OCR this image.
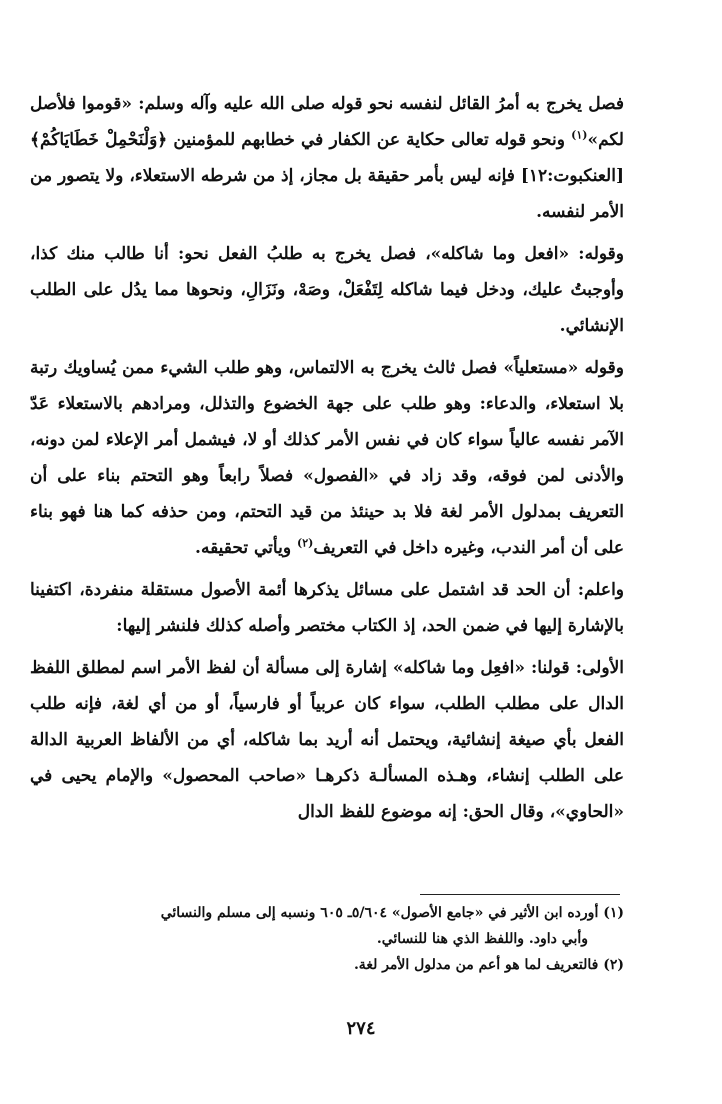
فصل يخرج به أمرُ القائل لنفسه نحو قوله صلى الله عليه وآله وسلم: «قوموا فلأصل لكم»$^{(١)}$ ونحو قوله تعالى حكاية عن الكفار في خطابهم للمؤمنين ﴿وَلْنَحْمِلْ خَطَايَاكُمْ﴾ [العنكبوت:١٢] فإنه ليس بأمر حقيقة بل مجاز، إذ من شرطه الاستعلاء، ولا يتصور من الأمر لنفسه.

وقوله: «افعل وما شاكله»، فصل يخرج به طلبُ الفعل نحو: أنا طالب منك كذا، وأوجبتُ عليك، ودخل فيما شاكله لِتَفْعَلْ، وصَهْ، ونَزَالِ، ونحوها مما يدُل على الطلب الإنشائي.

وقوله «مستعلياً» فصل ثالث يخرج به الالتماس، وهو طلب الشيء ممن يُساويك رتبة بلا استعلاء، والدعاء: وهو طلب على جهة الخضوع والتذلل، ومرادهم بالاستعلاء عَدّ الآمر نفسه عالياً سواء كان في نفس الأمر كذلك أو لا، فيشمل أمر الإعلاء لمن دونه، والأدنى لمن فوقه، وقد زاد في «الفصول» فصلاً رابعاً وهو التحتم بناء على أن التعريف بمدلول الأمر لغة فلا بد حينئذ من قيد التحتم، ومن حذفه كما هنا فهو بناء على أن أمر الندب، وغيره داخل في التعريف$^{(٢)}$ ويأتي تحقيقه.

واعلم: أن الحد قد اشتمل على مسائل يذكرها أئمة الأصول مستقلة منفردة، اكتفينا بالإشارة إليها في ضمن الحد، إذ الكتاب مختصر وأصله كذلك فلنشر إليها:

الأولى: قولنا: «افعِل وما شاكله» إشارة إلى مسألة أن لفظ الأمر اسم لمطلق اللفظ الدال على مطلب الطلب، سواء كان عربياً أو فارسياً، أو من أي لغة، فإنه طلب الفعل بأي صيغة إنشائية، ويحتمل أنه أريد بما شاكله، أي من الألفاظ العربية الدالة على الطلب إنشاء، وهـذه المسألـة ذكرهـا «صاحب المحصول» والإمام يحيى في «الحاوي»، وقال الحق: إنه موضوع للفظ الدال

(١) أورده ابن الأثير في «جامع الأصول» ٥/٦٠٤ـ ٦٠٥ ونسبه إلى مسلم والنسائي

وأبي داود. واللفظ الذي هنا للنسائي.

(٢) فالتعريف لما هو أعم من مدلول الأمر لغة.

٢٧٤
